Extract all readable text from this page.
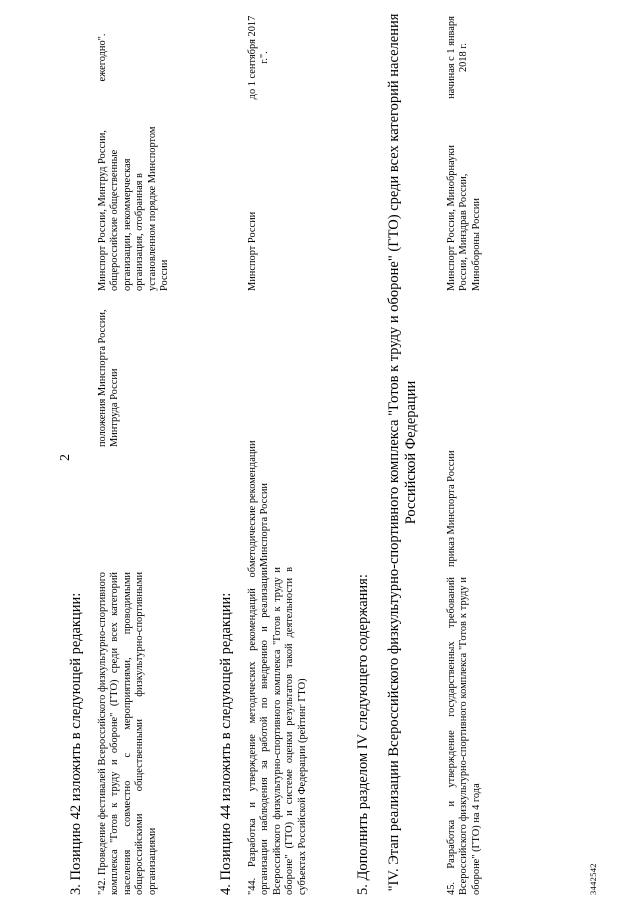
2
3. Позицию 42 изложить в следующей редакции: "42. Проведение фестивалей Всероссийского физкультурно-спортивного комплекса "Готов к труду и обороне" (ГТО) среди всех категорий населения совместно с мероприятиями, проводимыми общероссийскими общественными физкультурно-спортивными организациями
положения Минспорта России, Минтруда России
Минспорт России, Минтруд России, общероссийские общественные организации, некоммерческая организация, отобранная в установленном порядке Минспортом России
ежегодно".
4. Позицию 44 изложить в следующей редакции: "44. Разработка и утверждение методических рекомендаций об организации наблюдения за работой по внедрению и реализации Всероссийского физкультурно-спортивного комплекса "Готов к труду и обороне" (ГТО) и системе оценки результатов такой деятельности в субъектах Российской Федерации (рейтинг ГТО)
методические рекомендации Минспорта России
Минспорт России
до 1 сентября 2017 г.".
5. Дополнить разделом IV следующего содержания: "IV. Этап реализации Всероссийского физкультурно-спортивного комплекса "Готов к труду и обороне" (ГТО) среди всех категорий населения Российской Федерации
45. Разработка и утверждение государственных требований Всероссийского физкультурно-спортивного комплекса "Готов к труду и обороне" (ГТО) на 4 года
приказ Минспорта России
Минспорт России, Минобрнауки России, Минздрав России, Минобороны России
начиная с 1 января 2018 г.
3442542
